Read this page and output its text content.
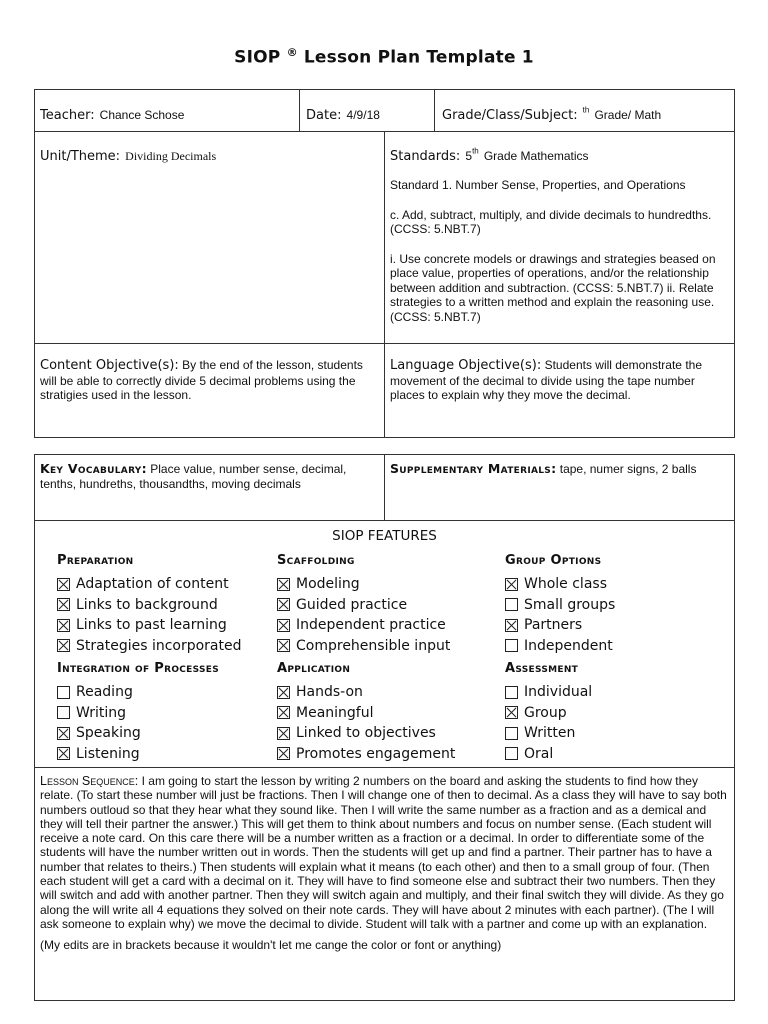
SIOP ® Lesson Plan Template 1
Teacher: Chance Schose	Date: 4/9/18	Grade/Class/Subject: $^{th}$ Grade/ Math
Unit/Theme: Dividing Decimals	Standards: 5th Grade Mathematics
Standard 1. Number Sense, Properties, and Operations
c. Add, subtract, multiply, and divide decimals to hundredths. (CCSS: 5.NBT.7)
i. Use concrete models or drawings and strategies beased on place value, properties of operations, and/or the relationship between addition and subtraction. (CCSS: 5.NBT.7) ii. Relate strategies to a written method and explain the reasoning use. (CCSS: 5.NBT.7)
Content Objective(s): By the end of the lesson, students will be able to correctly divide 5 decimal problems using the stratigies used in the lesson.
Language Objective(s): Students will demonstrate the movement of the decimal to divide using the tape number places to explain why they move the decimal.
Key Vocabulary: Place value, number sense, decimal, tenths, hundreths, thousandths, moving decimals
Supplementary Materials: tape, numer signs, 2 balls
SIOP FEATURES
Preparation
Adaptation of content
Links to background
Links to past learning
Strategies incorporated
Scaffolding
Modeling
Guided practice
Independent practice
Comprehensible input
Group Options
Whole class
Small groups
Partners
Independent
Integration of Processes
Reading
Writing
Speaking
Listening
Application
Hands-on
Meaningful
Linked to objectives
Promotes engagement
Assessment
Individual
Group
Written
Oral
Lesson Sequence: I am going to start the lesson by writing 2 numbers on the board and asking the students to find how they relate. (To start these number will just be fractions. Then I will change one of then to decimal. As a class they will have to say both numbers outloud so that they hear what they sound like. Then I will write the same number as a fraction and as a demical and they will tell their partner the answer.) This will get them to think about numbers and focus on number sense. (Each student will receive a note card. On this care there will be a number written as a fraction or a decimal. In order to differentiate some of the students will have the number written out in words. Then the students will get up and find a partner. Their partner has to have a number that relates to theirs.) Then students will explain what it means (to each other) and then to a small group of four. (Then each student will get a card with a decimal on it. They will have to find someone else and subtract their two numbers. Then they will switch and add with another partner. Then they will switch again and multiply, and their final switch they will divide. As they go along the will write all 4 equations they solved on their note cards. They will have about 2 minutes with each partner). (The I will ask someone to explain why) we move the decimal to divide. Student will talk with a partner and come up with an explanation.
(My edits are in brackets because it wouldn't let me cange the color or font or anything)
